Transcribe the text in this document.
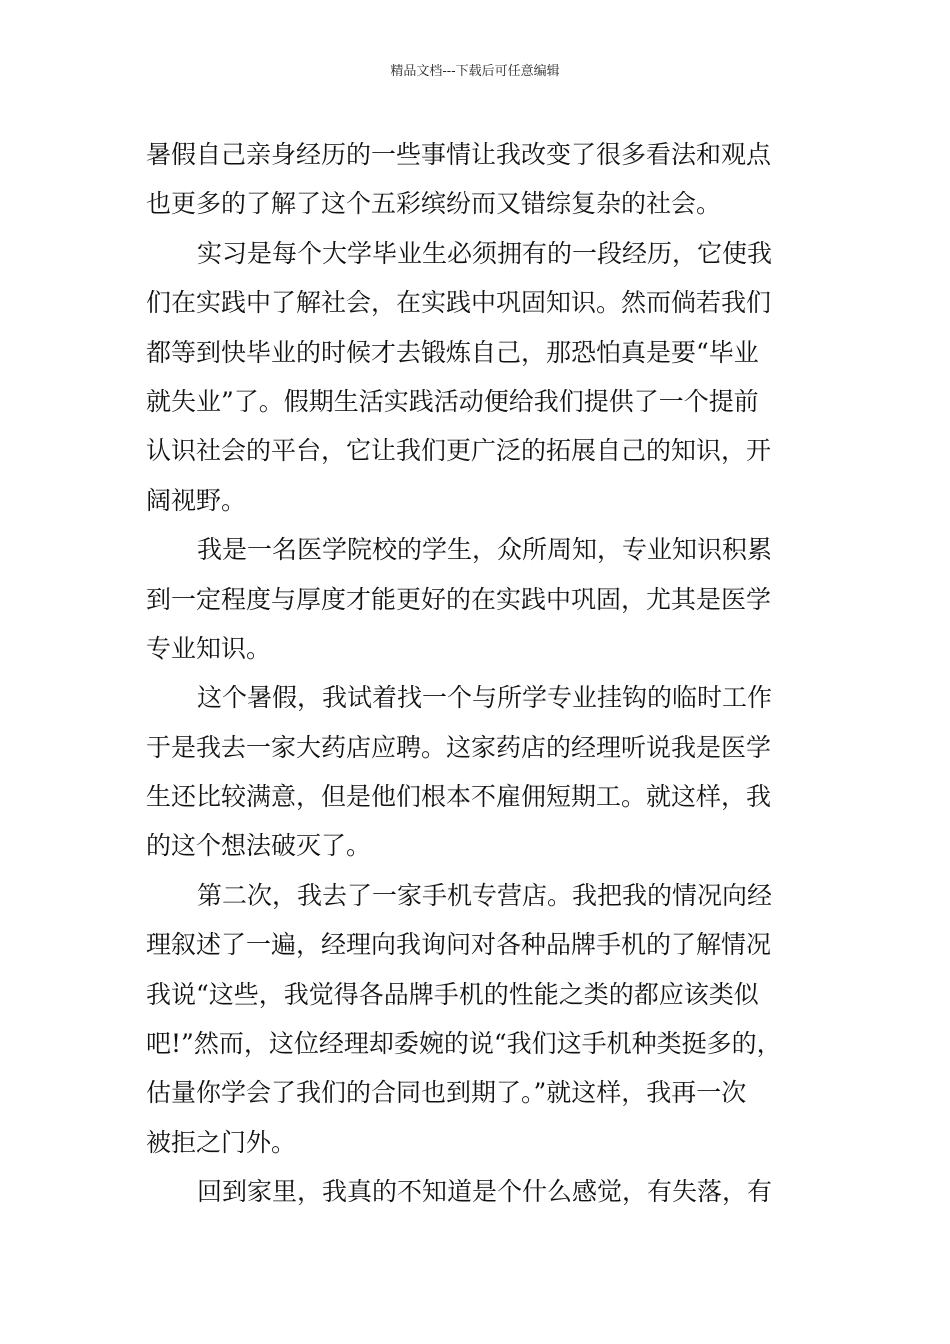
精品文档---下载后可任意编辑
暑假自己亲身经历的一些事情让我改变了很多看法和观点
也更多的了解了这个五彩缤纷而又错综复杂的社会。
实习是每个大学毕业生必须拥有的一段经历，它使我
们在实践中了解社会，在实践中巩固知识。然而倘若我们
都等到快毕业的时候才去锻炼自己，那恐怕真是要“毕业
就失业”了。假期生活实践活动便给我们提供了一个提前
认识社会的平台，它让我们更广泛的拓展自己的知识，开
阔视野。
我是一名医学院校的学生，众所周知，专业知识积累
到一定程度与厚度才能更好的在实践中巩固，尤其是医学
专业知识。
这个暑假，我试着找一个与所学专业挂钩的临时工作
于是我去一家大药店应聘。这家药店的经理听说我是医学
生还比较满意，但是他们根本不雇佣短期工。就这样，我
的这个想法破灭了。
第二次，我去了一家手机专营店。我把我的情况向经
理叙述了一遍，经理向我询问对各种品牌手机的了解情况
我说“这些，我觉得各品牌手机的性能之类的都应该类似
吧!”然而，这位经理却委婉的说“我们这手机种类挺多的，
估量你学会了我们的合同也到期了。”就这样，我再一次
被拒之门外。
回到家里，我真的不知道是个什么感觉，有失落，有
